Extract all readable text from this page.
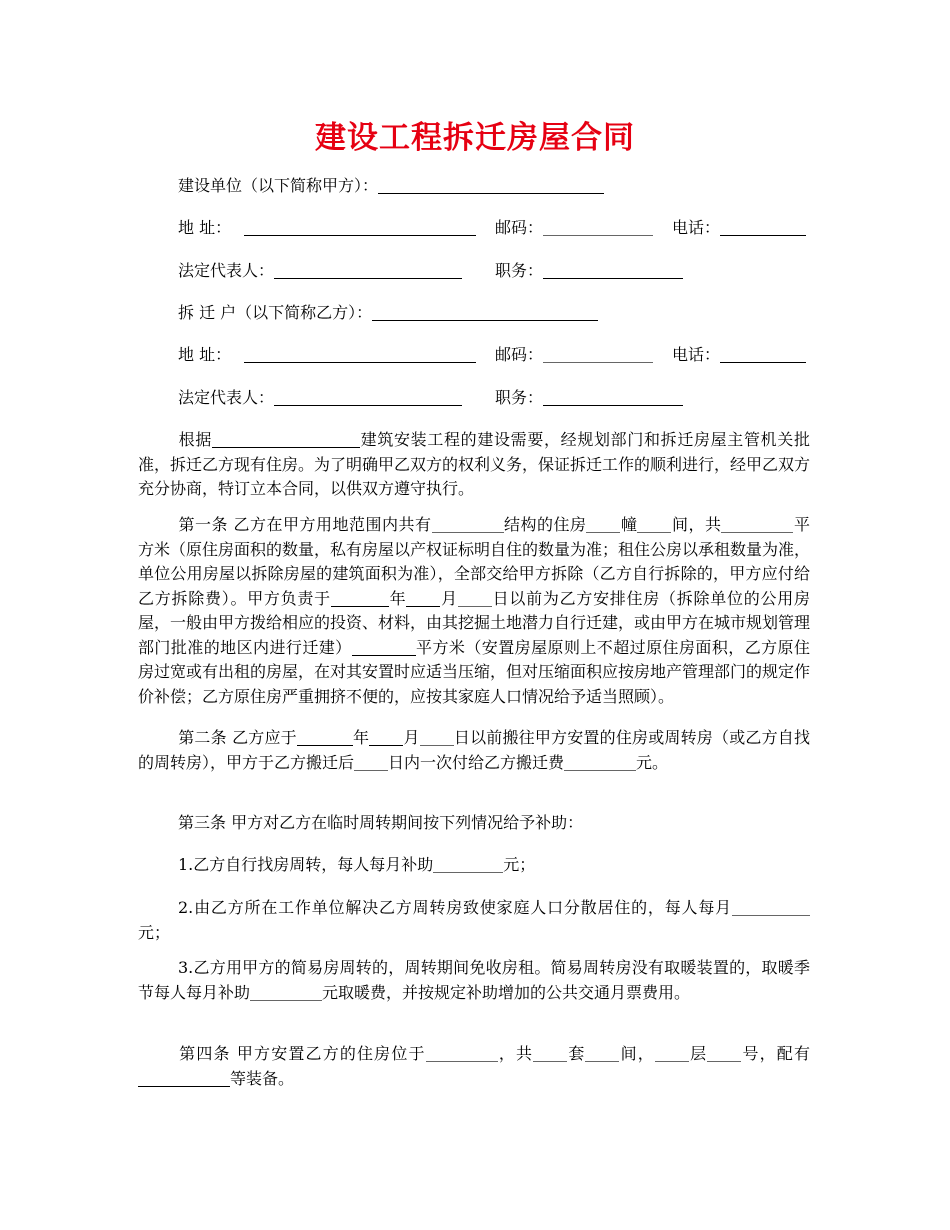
建设工程拆迁房屋合同
建设单位（以下简称甲方）：
地 址：	邮码：	电话：
法定代表人：	职务：
拆 迁 户（以下简称乙方）：
地 址：	邮码：	电话：
法定代表人：	职务：

根据	建筑安装工程的建设需要，经规划部门和拆迁房屋主管机关批准，拆迁乙方现有住房。为了明确甲乙双方的权利义务，保证拆迁工作的顺利进行，经甲乙双方充分协商，特订立本合同，以供双方遵守执行。

第一条 乙方在甲方用地范围内共有	结构的住房 幢 间，共	平方米（原住房面积的数量，私有房屋以产权证标明自住的数量为准；租住公房以承租数量为准，单位公用房屋以拆除房屋的建筑面积为准），全部交给甲方拆除（乙方自行拆除的，甲方应付给乙方拆除费）。甲方负责于	年 月 日以前为乙方安排住房（拆除单位的公用房屋，一般由甲方拨给相应的投资、材料，由其挖掘土地潜力自行迁建，或由甲方在城市规划管理部门批准的地区内进行迁建）	平方米（安置房屋原则上不超过原住房面积，乙方原住房过宽或有出租的房屋，在对其安置时应适当压缩，但对压缩面积应按房地产管理部门的规定作价补偿；乙方原住房严重拥挤不便的，应按其家庭人口情况给予适当照顾）。

第二条 乙方应于	年 月 日以前搬往甲方安置的住房或周转房（或乙方自找的周转房），甲方于乙方搬迁后 日内一次付给乙方搬迁费	元。

第三条 甲方对乙方在临时周转期间按下列情况给予补助：

1.乙方自行找房周转，每人每月补助	元；

2.由乙方所在工作单位解决乙方周转房致使家庭人口分散居住的，每人每月元；

3.乙方用甲方的简易房周转的，周转期间免收房租。简易周转房没有取暖装置的，取暖季节每人每月补助	元取暖费，并按规定补助增加的公共交通月票费用。

第四条 甲方安置乙方的住房位于	，共 套 间， 层 号，配有等装备。
